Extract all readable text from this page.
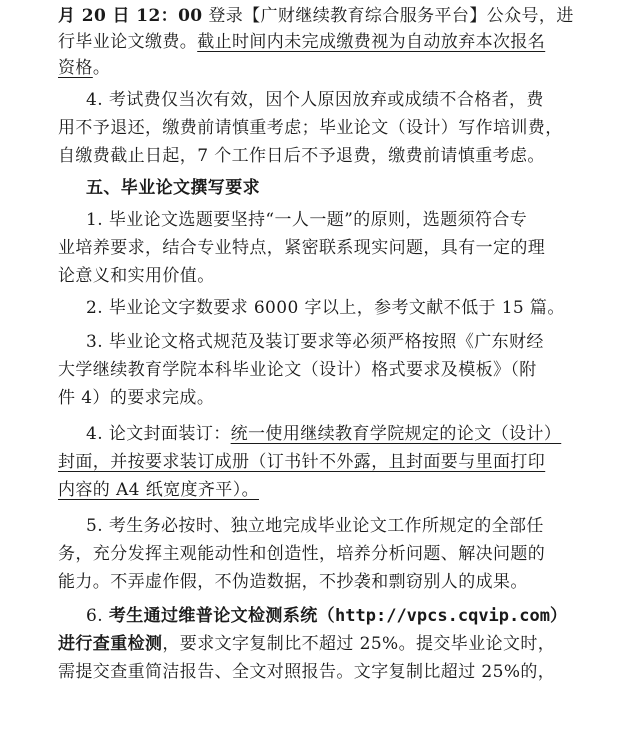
月 20 日 12：00 登录【广财继续教育综合服务平台】公众号，进
行毕业论文缴费。截止时间内未完成缴费视为自动放弃本次报名
资格。
4. 考试费仅当次有效，因个人原因放弃或成绩不合格者，费
用不予退还，缴费前请慎重考虑；毕业论文（设计）写作培训费，
自缴费截止日起，7 个工作日后不予退费，缴费前请慎重考虑。
五、毕业论文撰写要求
1. 毕业论文选题要坚持“一人一题”的原则，选题须符合专
业培养要求，结合专业特点，紧密联系现实问题，具有一定的理
论意义和实用价值。
2. 毕业论文字数要求 6000 字以上，参考文献不低于 15 篇。
3. 毕业论文格式规范及装订要求等必须严格按照《广东财经
大学继续教育学院本科毕业论文（设计）格式要求及模板》（附
件 4）的要求完成。
4. 论文封面装订：统一使用继续教育学院规定的论文（设计）
封面，并按要求装订成册（订书针不外露，且封面要与里面打印
内容的 A4 纸宽度齐平）。
5. 考生务必按时、独立地完成毕业论文工作所规定的全部任
务，充分发挥主观能动性和创造性，培养分析问题、解决问题的
能力。不弄虚作假，不伪造数据，不抄袭和剽窃别人的成果。
6. 考生通过维普论文检测系统（http://vpcs.cqvip.com）
进行查重检测，要求文字复制比不超过 25%。提交毕业论文时，
需提交查重简洁报告、全文对照报告。文字复制比超过 25%的，
